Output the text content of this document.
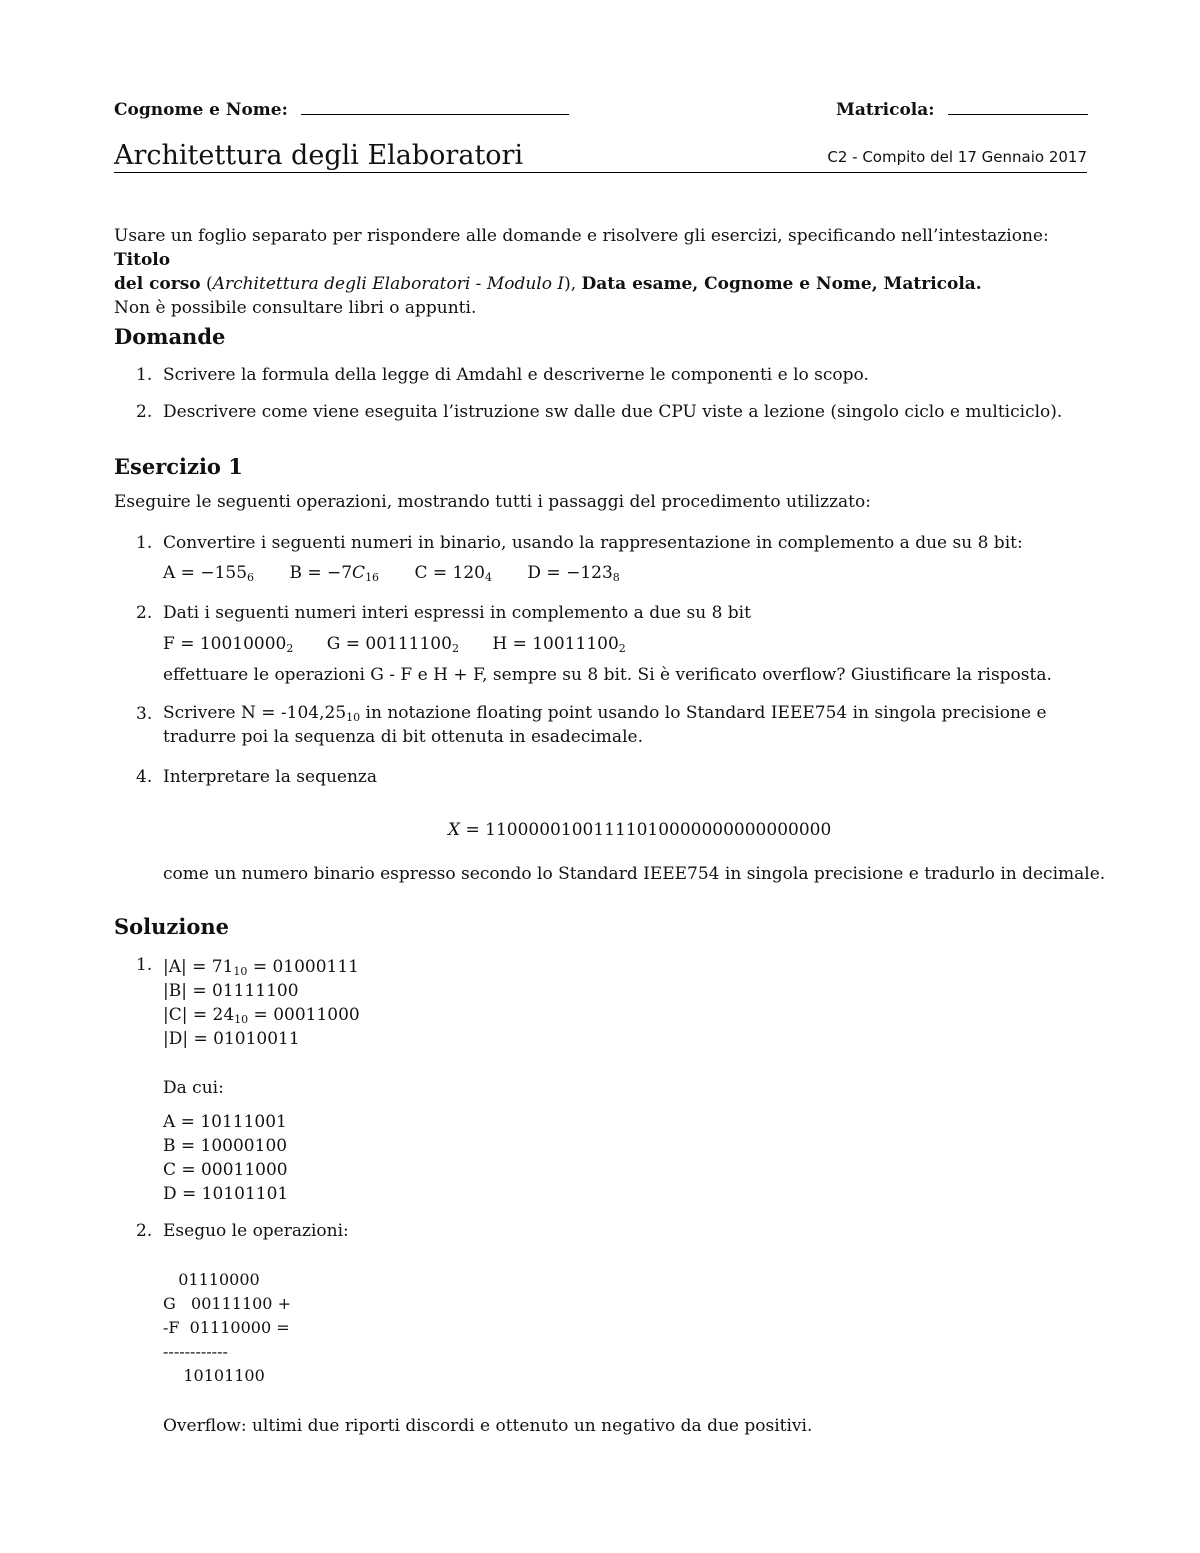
Cognome e Nome:	Matricola:
Architettura degli Elaboratori	C2 - Compito del 17 Gennaio 2017
Usare un foglio separato per rispondere alle domande e risolvere gli esercizi, specificando nell’intestazione: Titolo
del corso (Architettura degli Elaboratori - Modulo I), Data esame, Cognome e Nome, Matricola.
Non è possibile consultare libri o appunti.
Domande
1. Scrivere la formula della legge di Amdahl e descriverne le componenti e lo scopo.
2. Descrivere come viene eseguita l’istruzione sw dalle due CPU viste a lezione (singolo ciclo e multiciclo).
Esercizio 1
Eseguire le seguenti operazioni, mostrando tutti i passaggi del procedimento utilizzato:
1. Convertire i seguenti numeri in binario, usando la rappresentazione in complemento a due su 8 bit:
$A = -155_6$ $B = -7C_{16}$ $C = 120_4$ $D = -123_8$
2. Dati i seguenti numeri interi espressi in complemento a due su 8 bit
$F = 10010000_2$ $G = 00111100_2$ $H = 10011100_2$
effettuare le operazioni G - F e H + F, sempre su 8 bit. Si è verificato overflow? Giustificare la risposta.
3. Scrivere $N = -104,25_{10}$ in notazione floating point usando lo Standard IEEE754 in singola precisione e tradurre poi la sequenza di bit ottenuta in esadecimale.
4. Interpretare la sequenza
X = 11000001001111010000000000000000
come un numero binario espresso secondo lo Standard IEEE754 in singola precisione e tradurlo in decimale.
Soluzione
1. $|A| = 71_{10} = 01000111$
|B| = 01111100
$|C| = 24_{10} = 00011000$
|D| = 01010011
Da cui:
A = 10111001
B = 10000100
C = 00011000
D = 10101101
2. Eseguo le operazioni:
01110000
G   00111100 +
-F  01110000 =
------------
10101100
Overflow: ultimi due riporti discordi e ottenuto un negativo da due positivi.
